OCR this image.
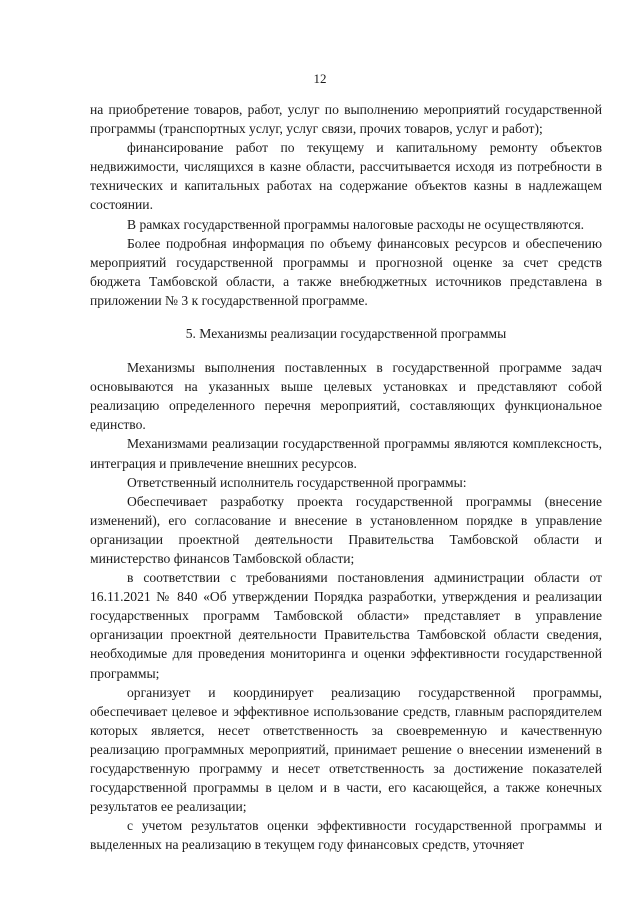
12

на приобретение товаров, работ, услуг по выполнению мероприятий государственной программы (транспортных услуг, услуг связи, прочих товаров, услуг и работ);

финансирование работ по текущему и капитальному ремонту объектов недвижимости, числящихся в казне области, рассчитывается исходя из потребности в технических и капитальных работах на содержание объектов казны в надлежащем состоянии.

В рамках государственной программы налоговые расходы не осуществляются.

Более подробная информация по объему финансовых ресурсов и обеспечению мероприятий государственной программы и прогнозной оценке за счет средств бюджета Тамбовской области, а также внебюджетных источников представлена в приложении № 3 к государственной программе.

5. Механизмы реализации государственной программы

Механизмы выполнения поставленных в государственной программе задач основываются на указанных выше целевых установках и представляют собой реализацию определенного перечня мероприятий, составляющих функциональное единство.

Механизмами реализации государственной программы являются комплексность, интеграция и привлечение внешних ресурсов.

Ответственный исполнитель государственной программы:

Обеспечивает разработку проекта государственной программы (внесение изменений), его согласование и внесение в установленном порядке в управление организации проектной деятельности Правительства Тамбовской области и министерство финансов Тамбовской области;

в соответствии с требованиями постановления администрации области от 16.11.2021 № 840 «Об утверждении Порядка разработки, утверждения и реализации государственных программ Тамбовской области» представляет в управление организации проектной деятельности Правительства Тамбовской области сведения, необходимые для проведения мониторинга и оценки эффективности государственной программы;

организует и координирует реализацию государственной программы, обеспечивает целевое и эффективное использование средств, главным распорядителем которых является, несет ответственность за своевременную и качественную реализацию программных мероприятий, принимает решение о внесении изменений в государственную программу и несет ответственность за достижение показателей государственной программы в целом и в части, его касающейся, а также конечных результатов ее реализации;

с учетом результатов оценки эффективности государственной программы и выделенных на реализацию в текущем году финансовых средств, уточняет
